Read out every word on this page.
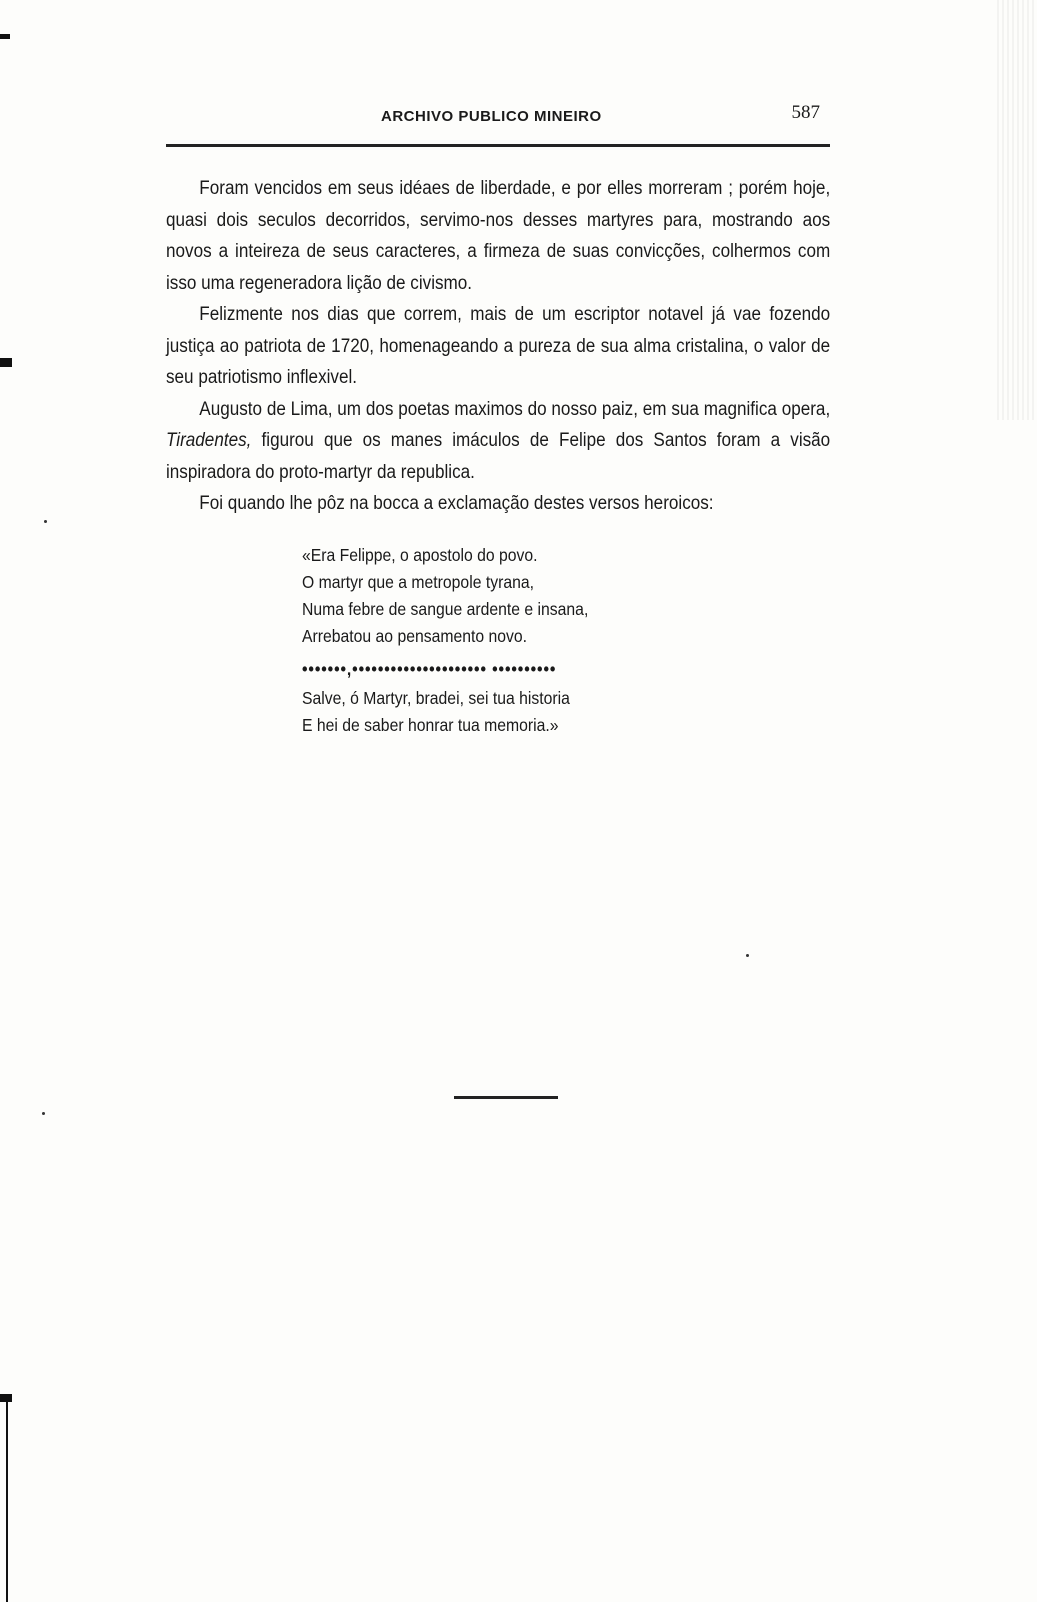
ARCHIVO PUBLICO MINEIRO	587

Foram vencidos em seus idéaes de liberdade, e por elles morreram ; porém hoje, quasi dois seculos decorridos, servimo-nos desses martyres para, mostrando aos novos a inteireza de seus caracteres, a firmeza de suas convicções, colhermos com isso uma regeneradora lição de civismo.

Felizmente nos dias que correm, mais de um escriptor notavel já vae fozendo justiça ao patriota de 1720, homenageando a pureza de sua alma cristalina, o valor de seu patriotismo inflexivel.

Augusto de Lima, um dos poetas maximos do nosso paiz, em sua magnifica opera, Tiradentes, figurou que os manes imáculos de Felipe dos Santos foram a visão inspiradora do proto-martyr da republica.

Foi quando lhe pôz na bocca a exclamação destes versos heroicos:

«Era Felippe, o apostolo do povo.
O martyr que a metropole tyrana,
Numa febre de sangue ardente e insana,
Arrebatou ao pensamento novo.
•••••••,••••••••••••••••••••• ••••••••••
Salve, ó Martyr, bradei, sei tua historia
E hei de saber honrar tua memoria.»
